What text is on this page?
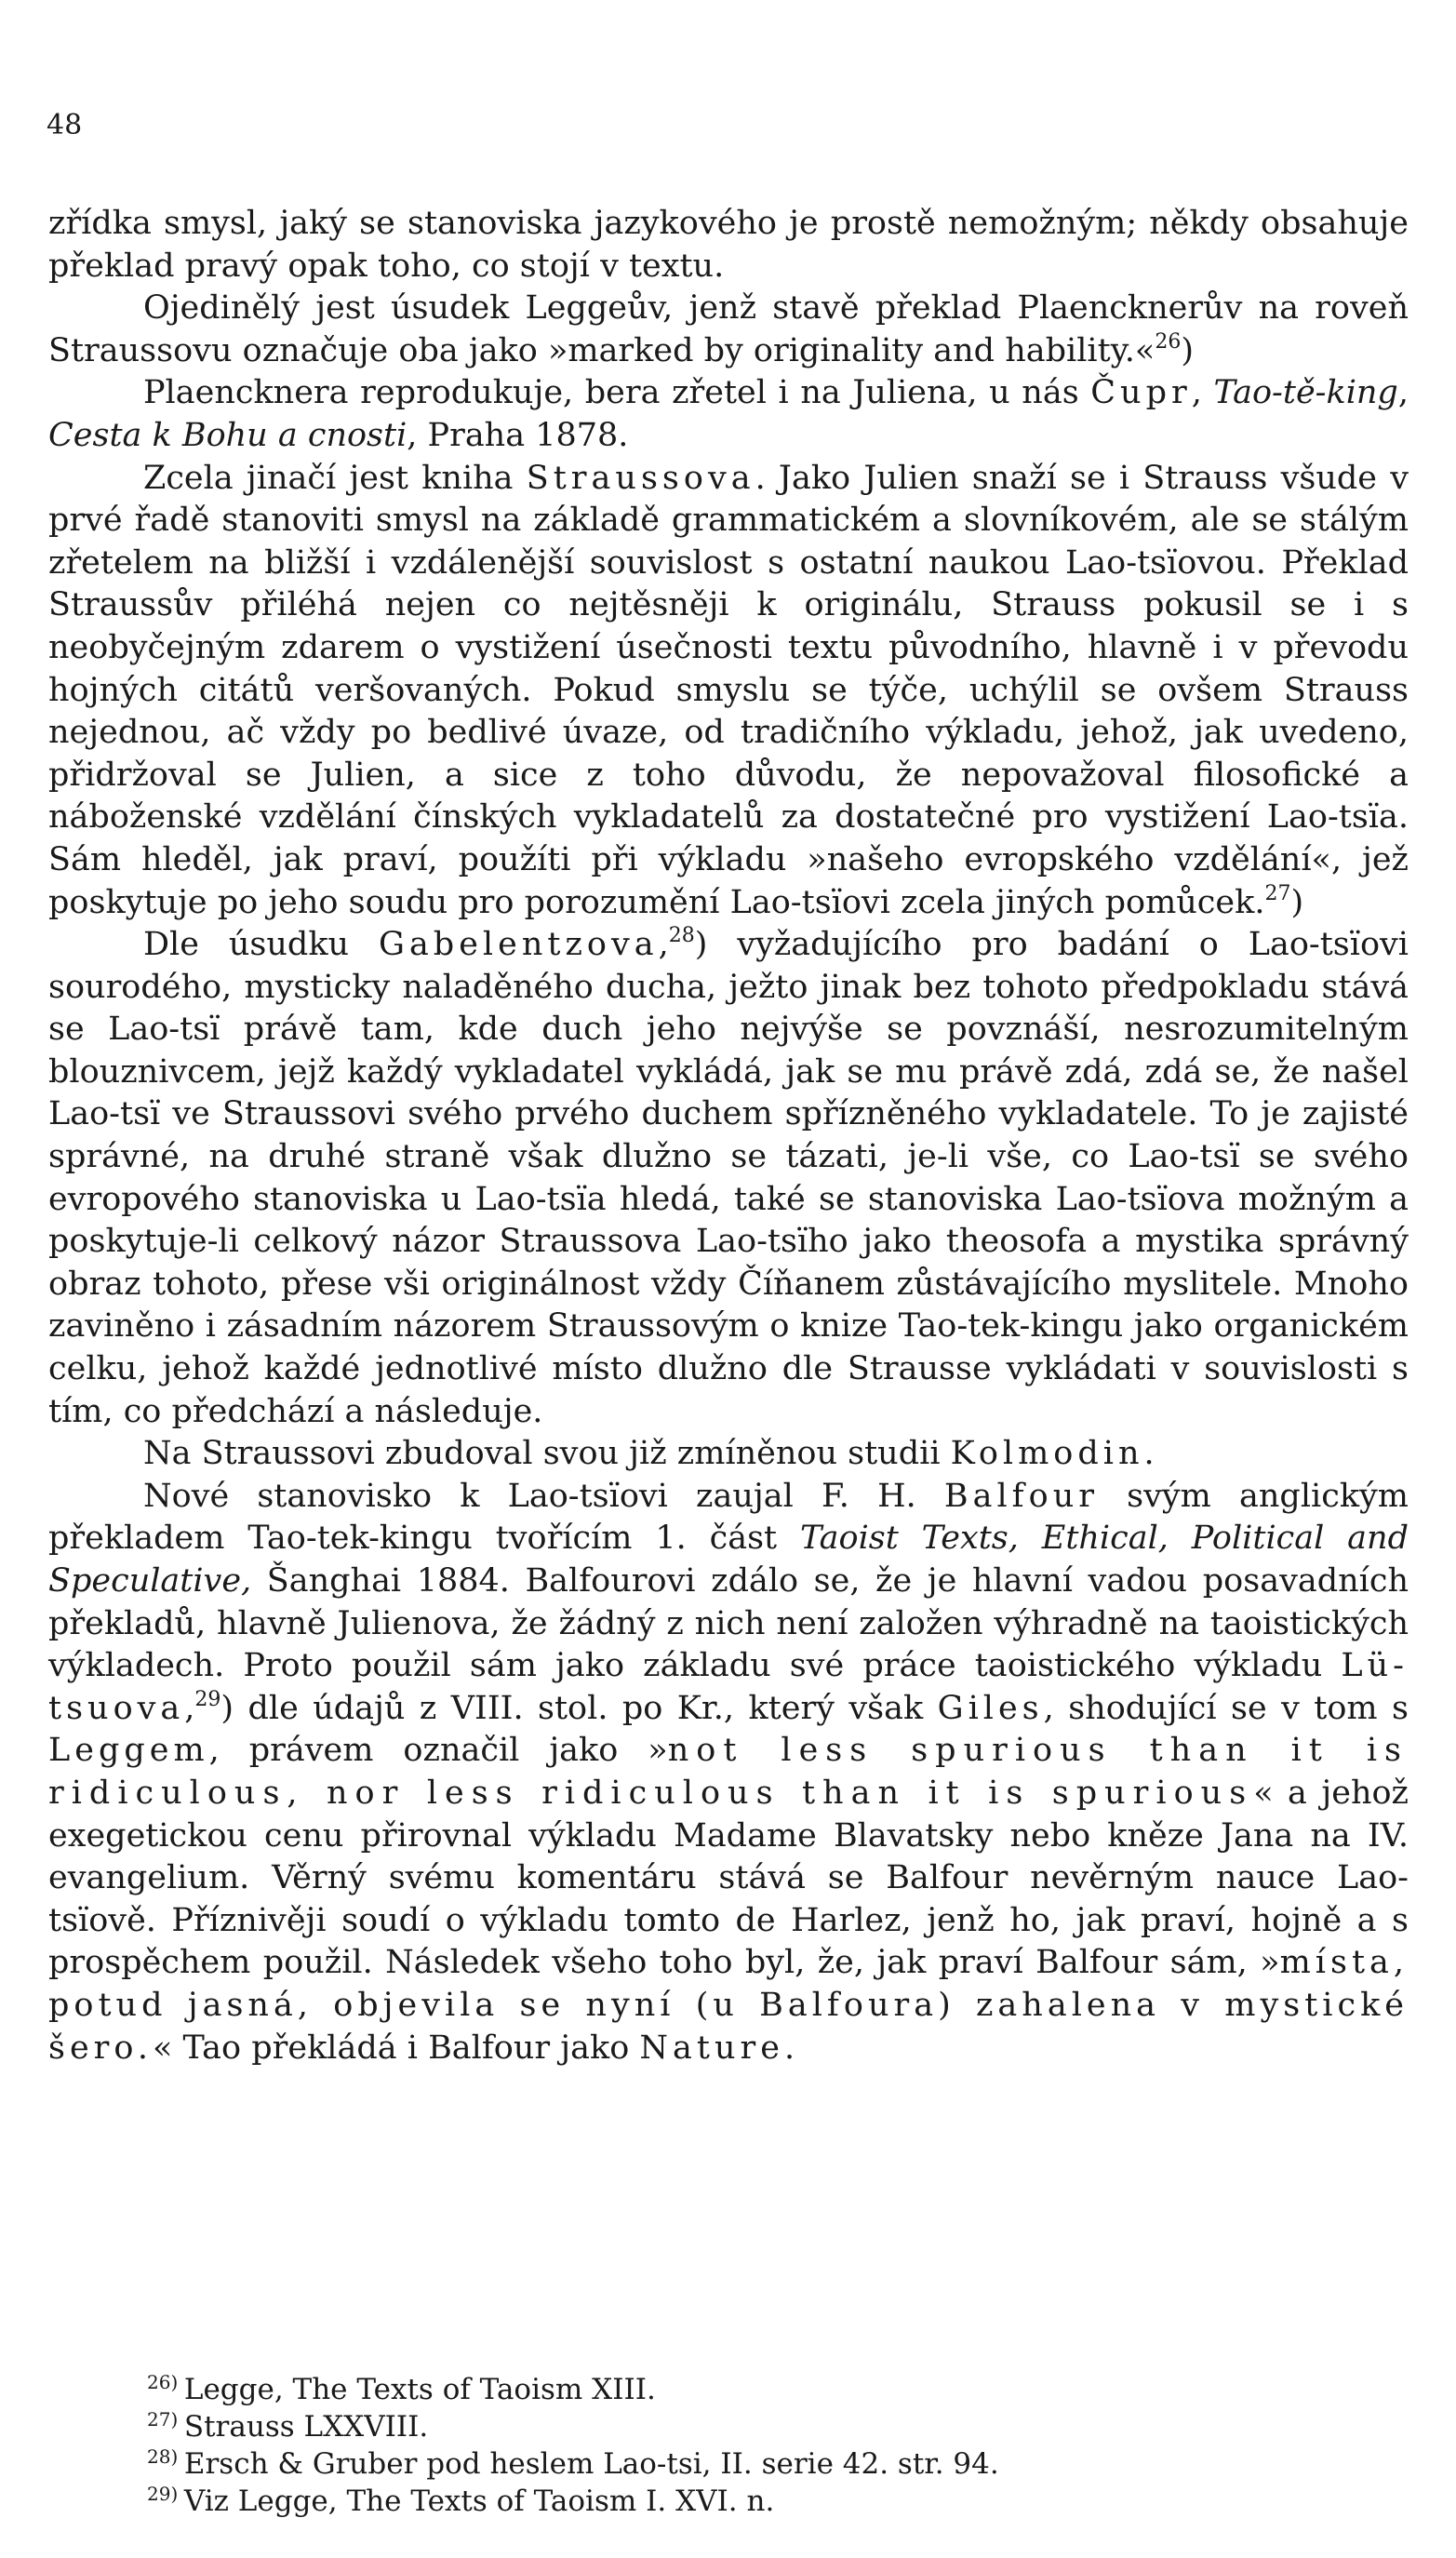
48

zřídka smysl, jaký se stanoviska jazykového je prostě nemožným; někdy obsahuje překlad pravý opak toho, co stojí v textu.

Ojedinělý jest úsudek Leggeův, jenž stavě překlad Plaencknerův na roveň Straussovu označuje oba jako »marked by originality and hability.«$^{26}$)

Plaencknera reprodukuje, bera zřetel i na Juliena, u nás Čupr, Tao-tě-king, Cesta k Bohu a cnosti, Praha 1878.

Zcela jinačí jest kniha Straussova. Jako Julien snaží se i Strauss všude v prvé řadě stanoviti smysl na základě grammatickém a slovníkovém, ale se stálým zřetelem na bližší i vzdálenější souvislost s ostatní naukou Lao-tsïovou. Překlad Straussův přiléhá nejen co nejtěsněji k originálu, Strauss pokusil se i s neobyčejným zdarem o vystižení úsečnosti textu původního, hlavně i v převodu hojných citátů veršovaných. Pokud smyslu se týče, uchýlil se ovšem Strauss nejednou, ač vždy po bedlivé úvaze, od tradičního výkladu, jehož, jak uvedeno, přidržoval se Julien, a sice z toho důvodu, že nepovažoval filosofické a náboženské vzdělání čínských vykladatelů za dostatečné pro vystižení Lao-tsïa. Sám hleděl, jak praví, použíti při výkladu »našeho evropského vzdělání«, jež poskytuje po jeho soudu pro porozumění Lao-tsïovi zcela jiných pomůcek.$^{27}$)

Dle úsudku Gabelentzova,$^{28}$) vyžadujícího pro badání o Lao-tsïovi sourodého, mysticky naladěného ducha, ježto jinak bez tohoto předpokladu stává se Lao-tsï právě tam, kde duch jeho nejvýše se povznáší, nesrozumitelným blouznivcem, jejž každý vykladatel vykládá, jak se mu právě zdá, zdá se, že našel Lao-tsï ve Straussovi svého prvého duchem spřízněného vykladatele. To je zajisté správné, na druhé straně však dlužno se tázati, je-li vše, co Lao-tsï se svého evropového stanoviska u Lao-tsïa hledá, také se stanoviska Lao-tsïova možným a poskytuje-li celkový názor Straussova Lao-tsïho jako theosofa a mystika správný obraz tohoto, přese vši originálnost vždy Číňanem zůstávajícího myslitele. Mnoho zaviněno i zásadním názorem Straussovým o knize Tao-tek-kingu jako organickém celku, jehož každé jednotlivé místo dlužno dle Strausse vykládati v souvislosti s tím, co předchází a následuje.

Na Straussovi zbudoval svou již zmíněnou studii Kolmodin.

Nové stanovisko k Lao-tsïovi zaujal F. H. Balfour svým anglickým překladem Tao-tek-kingu tvořícím 1. část Taoist Texts, Ethical, Political and Speculative, Šanghai 1884. Balfourovi zdálo se, že je hlavní vadou posavadních překladů, hlavně Julienova, že žádný z nich není založen výhradně na taoistických výkladech. Proto použil sám jako základu své práce taoistického výkladu Lü-tsuova,$^{29}$) dle údajů z VIII. stol. po Kr., který však Giles, shodující se v tom s Leggem, právem označil jako »not less spurious than it is ridiculous, nor less ridiculous than it is spurious« a jehož exegetickou cenu přirovnal výkladu Madame Blavatsky nebo kněze Jana na IV. evangelium. Věrný svému komentáru stává se Balfour nevěrným nauce Lao-tsïově. Příznivěji soudí o výkladu tomto de Harlez, jenž ho, jak praví, hojně a s prospěchem použil. Následek všeho toho byl, že, jak praví Balfour sám, »místa, potud jasná, objevila se nyní (u Balfoura) zahalena v mystické šero.« Tao překládá i Balfour jako Nature.

26) Legge, The Texts of Taoism XIII.

27) Strauss LXXVIII.

28) Ersch & Gruber pod heslem Lao-tsi, II. serie 42. str. 94.

29) Viz Legge, The Texts of Taoism I. XVI. n.
